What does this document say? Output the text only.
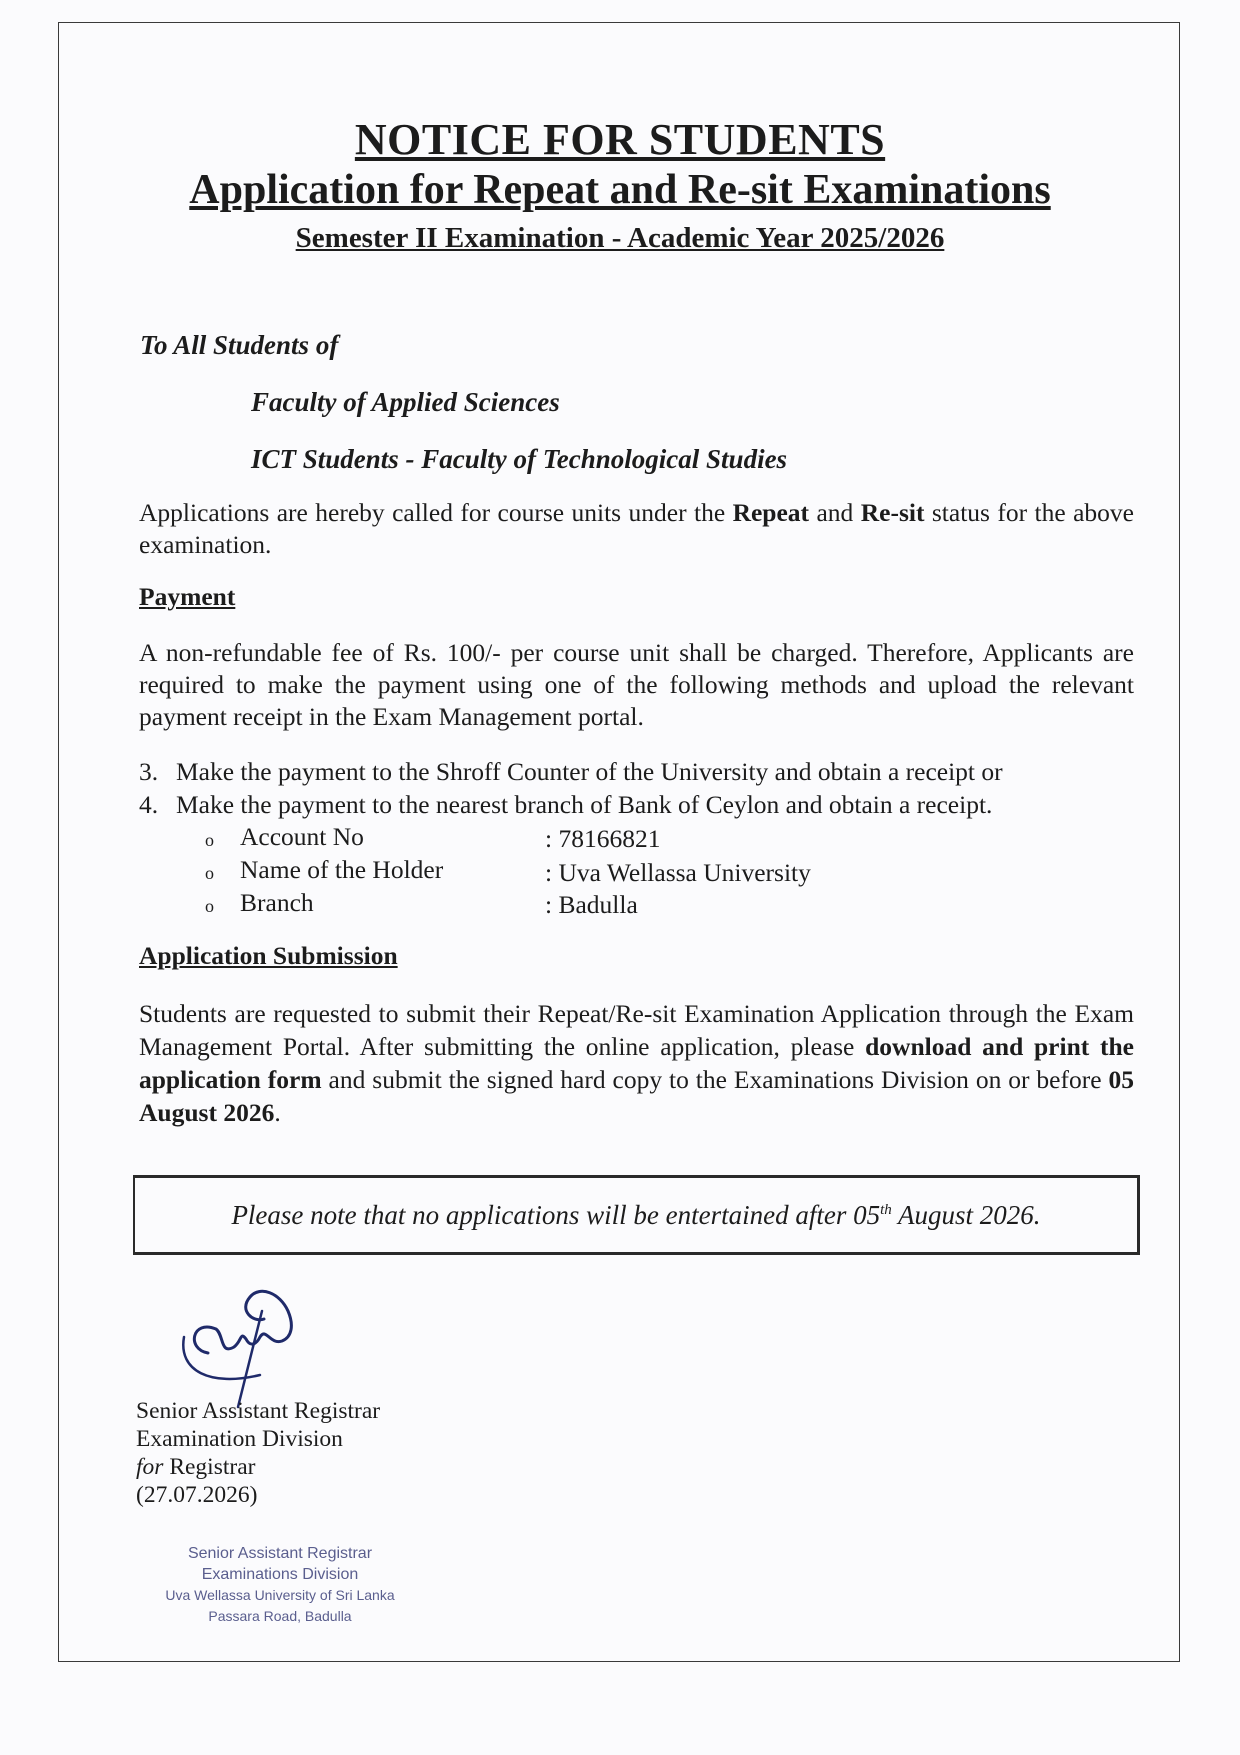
NOTICE FOR STUDENTS
Application for Repeat and Re-sit Examinations
Semester II Examination - Academic Year 2025/2026
To All Students of
Faculty of Applied Sciences
ICT Students - Faculty of Technological Studies
Applications are hereby called for course units under the Repeat and Re-sit status for the above examination.
Payment
A non-refundable fee of Rs. 100/- per course unit shall be charged. Therefore, Applicants are required to make the payment using one of the following methods and upload the relevant payment receipt in the Exam Management portal.
3. Make the payment to the Shroff Counter of the University and obtain a receipt or
4. Make the payment to the nearest branch of Bank of Ceylon and obtain a receipt.
o Account No	: 78166821
o Name of the Holder	: Uva Wellassa University
o Branch	: Badulla
Application Submission
Students are requested to submit their Repeat/Re-sit Examination Application through the Exam Management Portal. After submitting the online application, please download and print the application form and submit the signed hard copy to the Examinations Division on or before 05 August 2026.
Please note that no applications will be entertained after 05th August 2026.
Senior Assistant Registrar
Examination Division
for Registrar
(27.07.2026)
Senior Assistant Registrar
Examinations Division
Uva Wellassa University of Sri Lanka
Passara Road, Badulla
